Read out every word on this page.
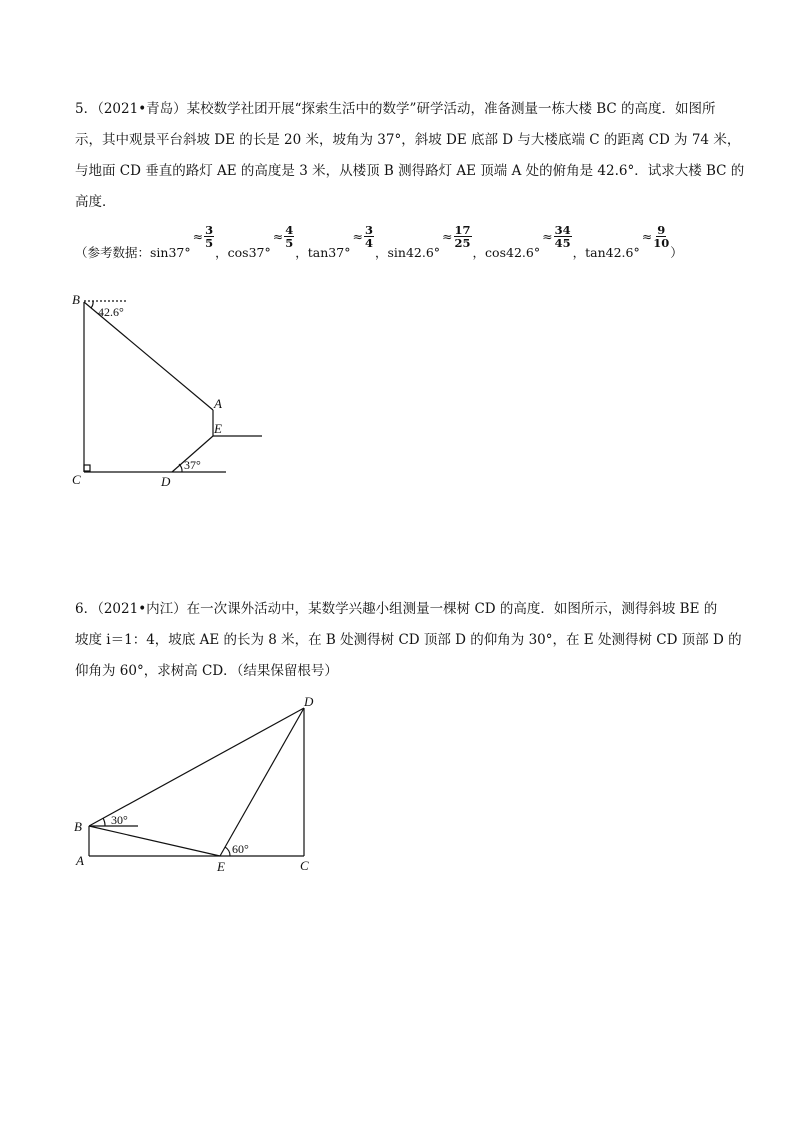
5．（2021•青岛）某校数学社团开展“探索生活中的数学”研学活动，准备测量一栋大楼 BC 的高度．如图所
示，其中观景平台斜坡 DE 的长是 20 米，坡角为 37°，斜坡 DE 底部 D 与大楼底端 C 的距离 CD 为 74 米，
与地面 CD 垂直的路灯 AE 的高度是 3 米，从楼顶 B 测得路灯 AE 顶端 A 处的俯角是 42.6°．试求大楼 BC 的
高度．
（参考数据：$\sin 37^\circ\approx \frac{3}{5}$
，$\cos 37^\circ\approx \frac{4}{5}$
，$\tan 37^\circ\approx \frac{3}{4}$
，$\sin 42.6^\circ\approx \frac{17}{25}$
，$\cos 42.6^\circ\approx \frac{34}{45}$
，$\tan 42.6^\circ\approx \frac{9}{10}$
）
B
A
E
C	D
42.6°
37°
6．（2021•内江）在一次课外活动中，某数学兴趣小组测量一棵树 CD 的高度．如图所示，测得斜坡 BE 的
坡度 i＝1：4，坡底 AE 的长为 8 米，在 B 处测得树 CD 顶部 D 的仰角为 30°，在 E 处测得树 CD 顶部 D 的
仰角为 60°，求树高 CD．（结果保留根号）
D
B
A	E	C
30°
60°
